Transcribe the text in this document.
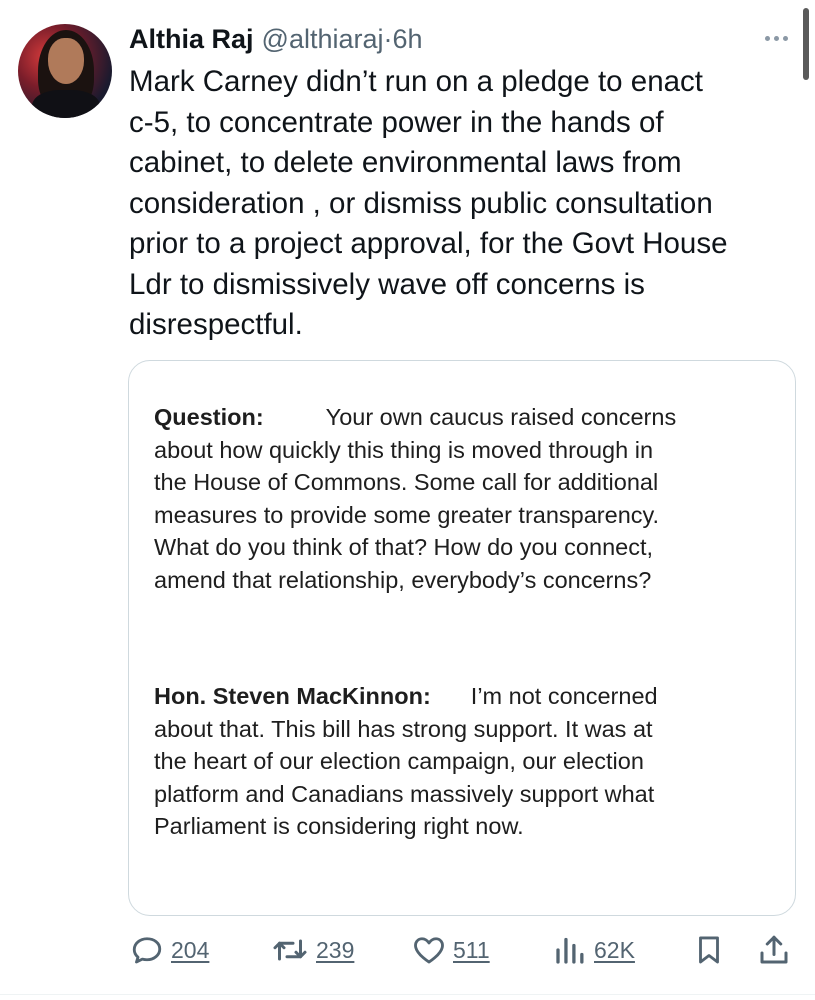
Althia Raj @althiaraj·6h
Mark Carney didn’t run on a pledge to enact
c-5, to concentrate power in the hands of
cabinet, to delete environmental laws from
consideration , or dismiss public consultation
prior to a project approval, for the Govt House
Ldr to dismissively wave off concerns is
disrespectful.
Question:	Your own caucus raised concerns
about how quickly this thing is moved through in
the House of Commons. Some call for additional
measures to provide some greater transparency.
What do you think of that? How do you connect,
amend that relationship, everybody’s concerns?
Hon. Steven MacKinnon: I’m not concerned
about that. This bill has strong support. It was at
the heart of our election campaign, our election
platform and Canadians massively support what
Parliament is considering right now.
204	239	511	62K
